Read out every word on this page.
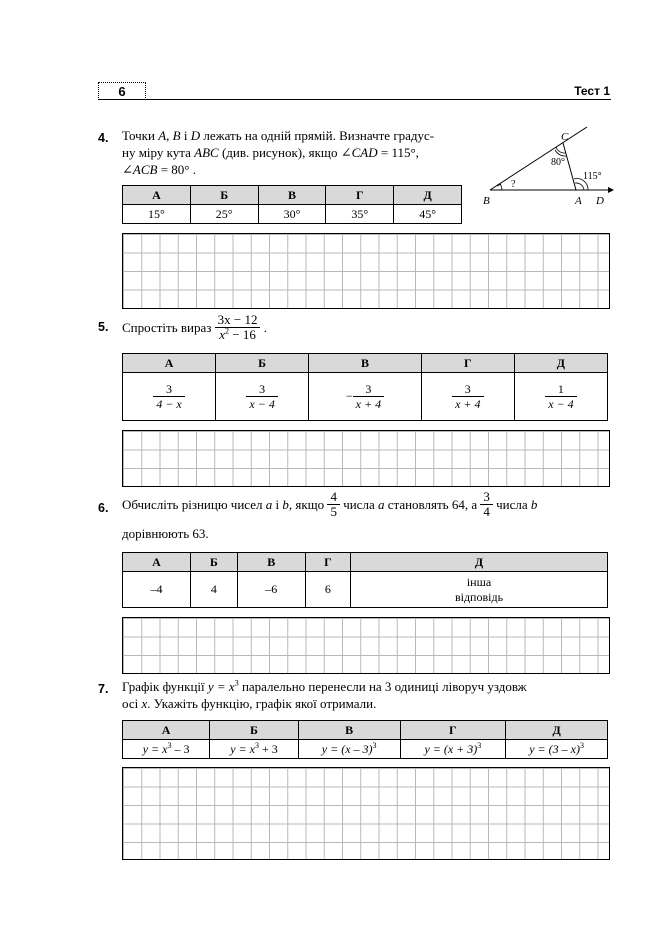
6	Тест 1
4. Точки A, B і D лежать на одній прямій. Визначте градус-
ну міру кута ABC (див. рисунок), якщо ∠CAD = 115°,
∠ACB = 80° .
А	Б	В	Г	Д
15°	25°	30°	35°	45°
C
B	A D
80°
115°
?
5. Спростіть вираз $\frac{3x - 12}{x^2 - 16}$ .
А	Б	В	Г	Д

$\frac{3}{4 - x}$	$\frac{3}{x - 4}$	− $\frac{3}{x + 4}$	$\frac{3}{x + 4}$	$\frac{1}{x - 4}$
6. Обчисліть різницю чисел a і b, якщо $\frac{4}{5}$ числа a становлять 64, а $\frac{3}{4}$ числа b
дорівнюють 63.
А	Б	В	Г	Д
–4	4	–6	6	інша
відповідь
7. Графік функції $y = x^3$ паралельно перенесли на 3 одиниці ліворуч уздовж
осі x. Укажіть функцію, графік якої отримали.
А	Б	В	Г	Д
$y = x^3 - 3$	$y = x^3 + 3$	y = (x – 3)$^3$	$y = (x + 3)^3$	y = (3 – x)$^3$
